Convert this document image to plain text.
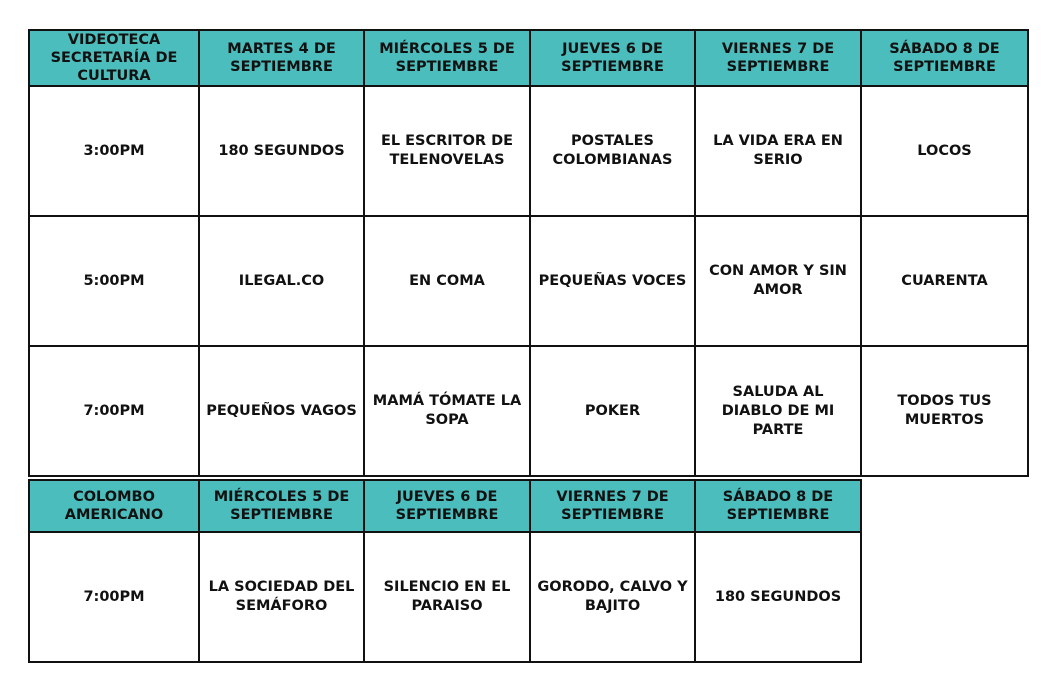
VIDEOTECA SECRETARÍA DE CULTURA	MARTES 4 DE SEPTIEMBRE	MIÉRCOLES 5 DE SEPTIEMBRE	JUEVES 6 DE SEPTIEMBRE	VIERNES 7 DE SEPTIEMBRE	SÁBADO 8 DE SEPTIEMBRE
3:00PM	180 SEGUNDOS	EL ESCRITOR DE TELENOVELAS	POSTALES COLOMBIANAS	LA VIDA ERA EN SERIO	LOCOS
5:00PM	ILEGAL.CO	EN COMA	PEQUEÑAS VOCES	CON AMOR Y SIN AMOR	CUARENTA
7:00PM	PEQUEÑOS VAGOS	MAMÁ TÓMATE LA SOPA	POKER	SALUDA AL DIABLO DE MI PARTE	TODOS TUS MUERTOS
COLOMBO AMERICANO	MIÉRCOLES 5 DE SEPTIEMBRE	JUEVES 6 DE SEPTIEMBRE	VIERNES 7 DE SEPTIEMBRE	SÁBADO 8 DE SEPTIEMBRE
7:00PM	LA SOCIEDAD DEL SEMÁFORO	SILENCIO EN EL PARAISO	GORODO, CALVO Y BAJITO	180 SEGUNDOS
